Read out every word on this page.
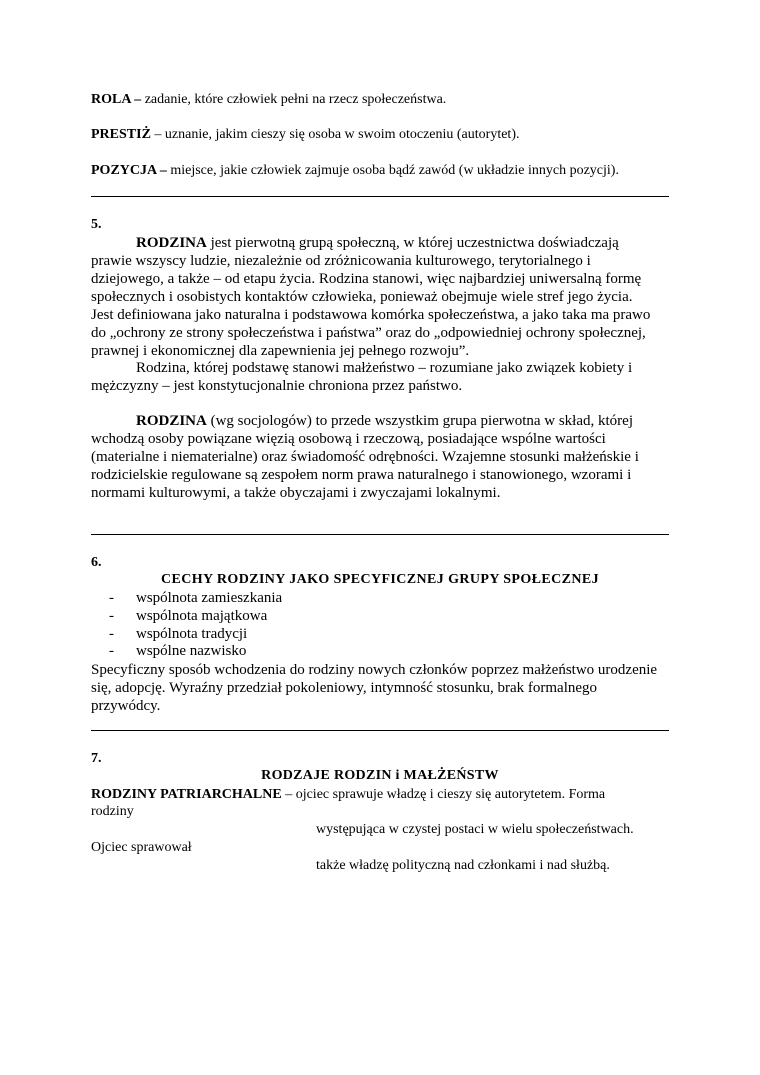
ROLA – zadanie, które człowiek pełni na rzecz społeczeństwa.
PRESTIŻ – uznanie, jakim cieszy się osoba w swoim otoczeniu (autorytet).
POZYCJA – miejsce, jakie człowiek zajmuje osoba bądź zawód (w układzie innych pozycji).
5.
RODZINA jest pierwotną grupą społeczną, w której uczestnictwa doświadczają
prawie wszyscy ludzie, niezależnie od zróżnicowania kulturowego, terytorialnego i
dziejowego, a także – od etapu życia. Rodzina stanowi, więc najbardziej uniwersalną formę
społecznych i osobistych kontaktów człowieka, ponieważ obejmuje wiele stref jego życia.
Jest definiowana jako naturalna i podstawowa komórka społeczeństwa, a jako taka ma prawo
do „ochrony ze strony społeczeństwa i państwa” oraz do „odpowiedniej ochrony społecznej,
prawnej i ekonomicznej dla zapewnienia jej pełnego rozwoju”.
Rodzina, której podstawę stanowi małżeństwo – rozumiane jako związek kobiety i
mężczyzny – jest konstytucjonalnie chroniona przez państwo.
RODZINA (wg socjologów) to przede wszystkim grupa pierwotna w skład, której
wchodzą osoby powiązane więzią osobową i rzeczową, posiadające wspólne wartości
(materialne i niematerialne) oraz świadomość odrębności. Wzajemne stosunki małżeńskie i
rodzicielskie regulowane są zespołem norm prawa naturalnego i stanowionego, wzorami i
normami kulturowymi, a także obyczajami i zwyczajami lokalnymi.
6.
CECHY RODZINY JAKO SPECYFICZNEJ GRUPY SPOŁECZNEJ
- wspólnota zamieszkania
- wspólnota majątkowa
- wspólnota tradycji
- wspólne nazwisko
Specyficzny sposób wchodzenia do rodziny nowych członków poprzez małżeństwo urodzenie
się, adopcję. Wyraźny przedział pokoleniowy, intymność stosunku, brak formalnego
przywódcy.
7.
RODZAJE RODZIN i MAŁŻEŃSTW
RODZINY PATRIARCHALNE – ojciec sprawuje władzę i cieszy się autorytetem. Forma
rodziny
występująca w czystej postaci w wielu społeczeństwach.
Ojciec sprawował
także władzę polityczną nad członkami i nad służbą.
